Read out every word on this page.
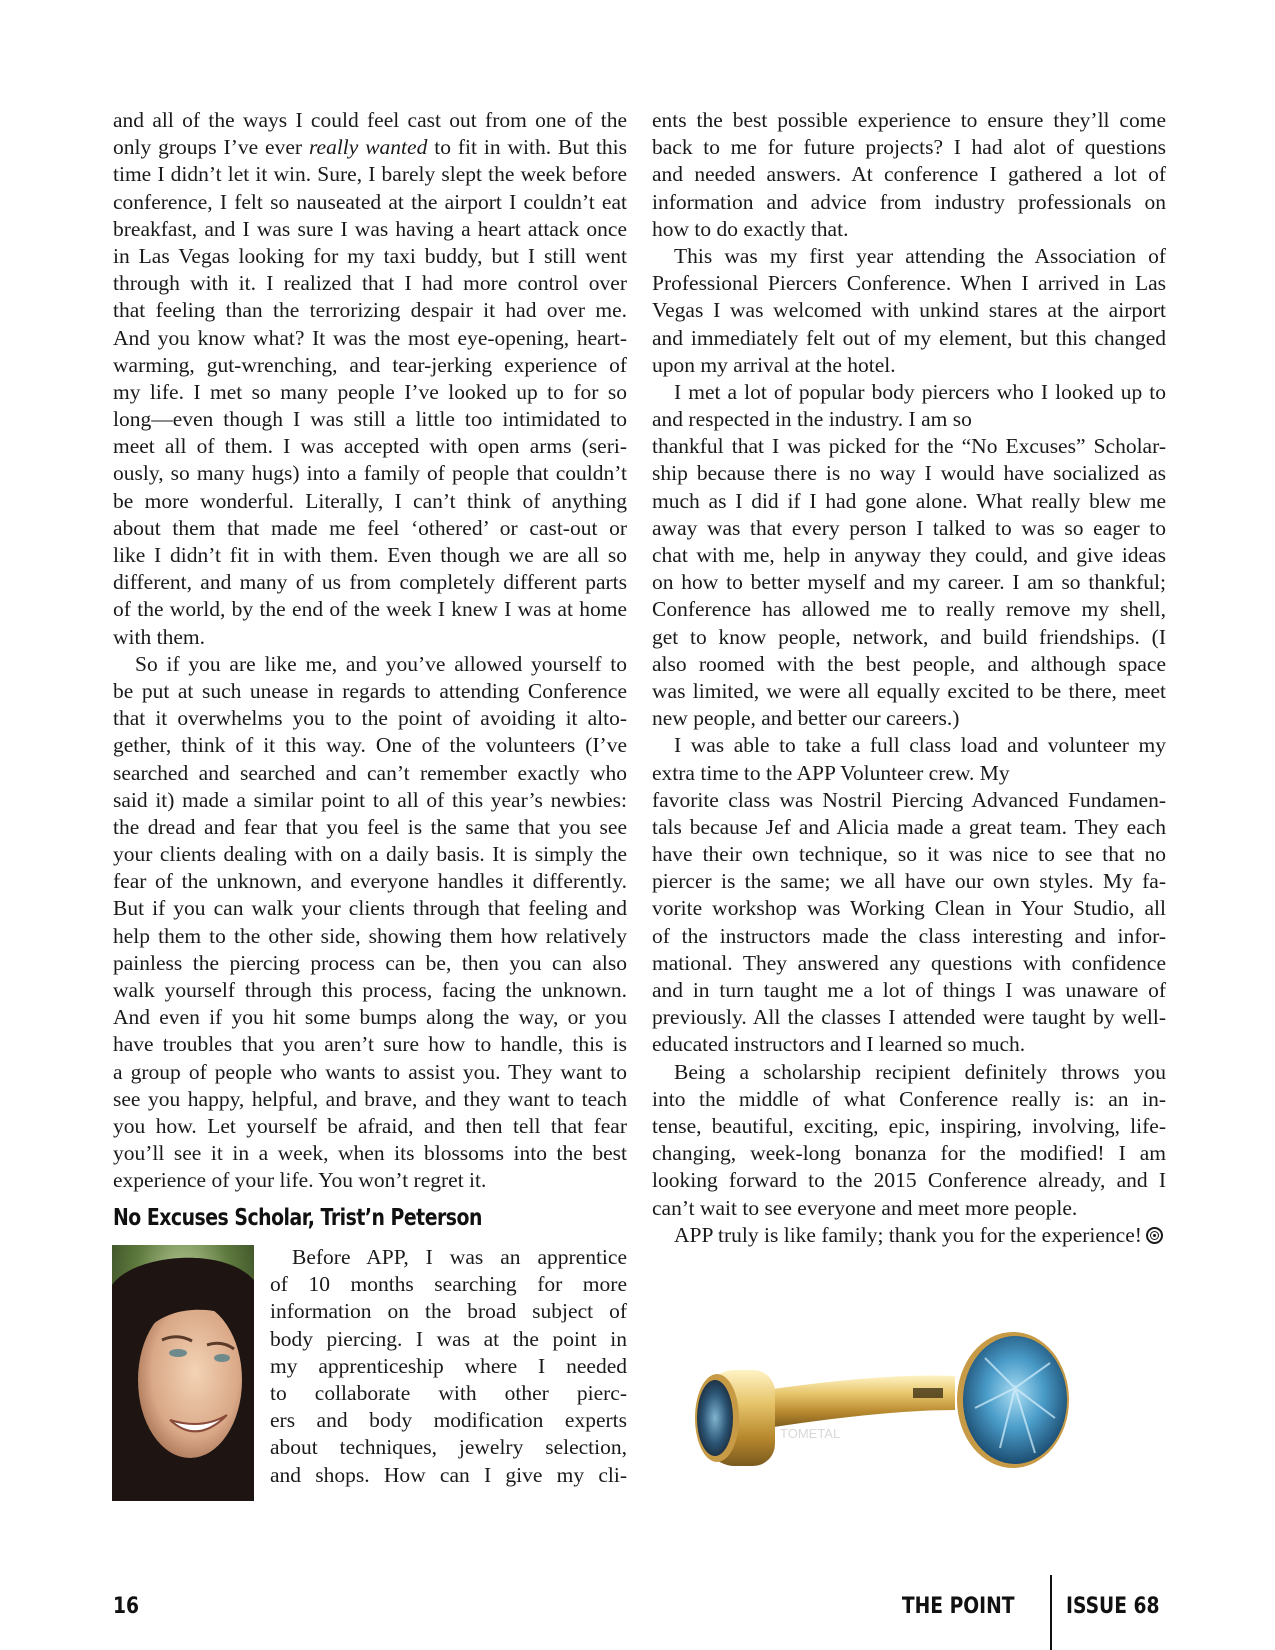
and all of the ways I could feel cast out from one of the
only groups I’ve ever really wanted to fit in with. But this
time I didn’t let it win. Sure, I barely slept the week before
conference, I felt so nauseated at the airport I couldn’t eat
breakfast, and I was sure I was having a heart attack once
in Las Vegas looking for my taxi buddy, but I still went
through with it. I realized that I had more control over
that feeling than the terrorizing despair it had over me.
And you know what? It was the most eye-opening, heart-
warming, gut-wrenching, and tear-jerking experience of
my life. I met so many people I’ve looked up to for so
long—even though I was still a little too intimidated to
meet all of them. I was accepted with open arms (seri-
ously, so many hugs) into a family of people that couldn’t
be more wonderful. Literally, I can’t think of anything
about them that made me feel ‘othered’ or cast-out or
like I didn’t fit in with them. Even though we are all so
different, and many of us from completely different parts
of the world, by the end of the week I knew I was at home
with them.
So if you are like me, and you’ve allowed yourself to
be put at such unease in regards to attending Conference
that it overwhelms you to the point of avoiding it alto-
gether, think of it this way. One of the volunteers (I’ve
searched and searched and can’t remember exactly who
said it) made a similar point to all of this year’s newbies:
the dread and fear that you feel is the same that you see
your clients dealing with on a daily basis. It is simply the
fear of the unknown, and everyone handles it differently.
But if you can walk your clients through that feeling and
help them to the other side, showing them how relatively
painless the piercing process can be, then you can also
walk yourself through this process, facing the unknown.
And even if you hit some bumps along the way, or you
have troubles that you aren’t sure how to handle, this is
a group of people who wants to assist you. They want to
see you happy, helpful, and brave, and they want to teach
you how. Let yourself be afraid, and then tell that fear
you’ll see it in a week, when its blossoms into the best
experience of your life. You won’t regret it.
No Excuses Scholar, Trist’n Peterson
Before APP, I was an apprentice
of 10 months searching for more
information on the broad subject of
body piercing. I was at the point in
my apprenticeship where I needed
to collaborate with other pierc-
ers and body modification experts
about techniques, jewelry selection,
and shops. How can I give my cli-
ents the best possible experience to ensure they’ll come
back to me for future projects? I had alot of questions
and needed answers. At conference I gathered a lot of
information and advice from industry professionals on
how to do exactly that.
This was my first year attending the Association of
Professional Piercers Conference. When I arrived in Las
Vegas I was welcomed with unkind stares at the airport
and immediately felt out of my element, but this changed
upon my arrival at the hotel.
I met a lot of popular body piercers who I looked up to
and respected in the industry. I am so
thankful that I was picked for the “No Excuses” Scholar-
ship because there is no way I would have socialized as
much as I did if I had gone alone. What really blew me
away was that every person I talked to was so eager to
chat with me, help in anyway they could, and give ideas
on how to better myself and my career. I am so thankful;
Conference has allowed me to really remove my shell,
get to know people, network, and build friendships. (I
also roomed with the best people, and although space
was limited, we were all equally excited to be there, meet
new people, and better our careers.)
I was able to take a full class load and volunteer my
extra time to the APP Volunteer crew. My
favorite class was Nostril Piercing Advanced Fundamen-
tals because Jef and Alicia made a great team. They each
have their own technique, so it was nice to see that no
piercer is the same; we all have our own styles. My fa-
vorite workshop was Working Clean in Your Studio, all
of the instructors made the class interesting and infor-
mational. They answered any questions with confidence
and in turn taught me a lot of things I was unaware of
previously. All the classes I attended were taught by well-
educated instructors and I learned so much.
Being a scholarship recipient definitely throws you
into the middle of what Conference really is: an in-
tense, beautiful, exciting, epic, inspiring, involving, life-
changing, week-long bonanza for the modified! I am
looking forward to the 2015 Conference already, and I
can’t wait to see everyone and meet more people.
APP truly is like family; thank you for the experience!
TOMETAL
16	THE POINT ISSUE 68
